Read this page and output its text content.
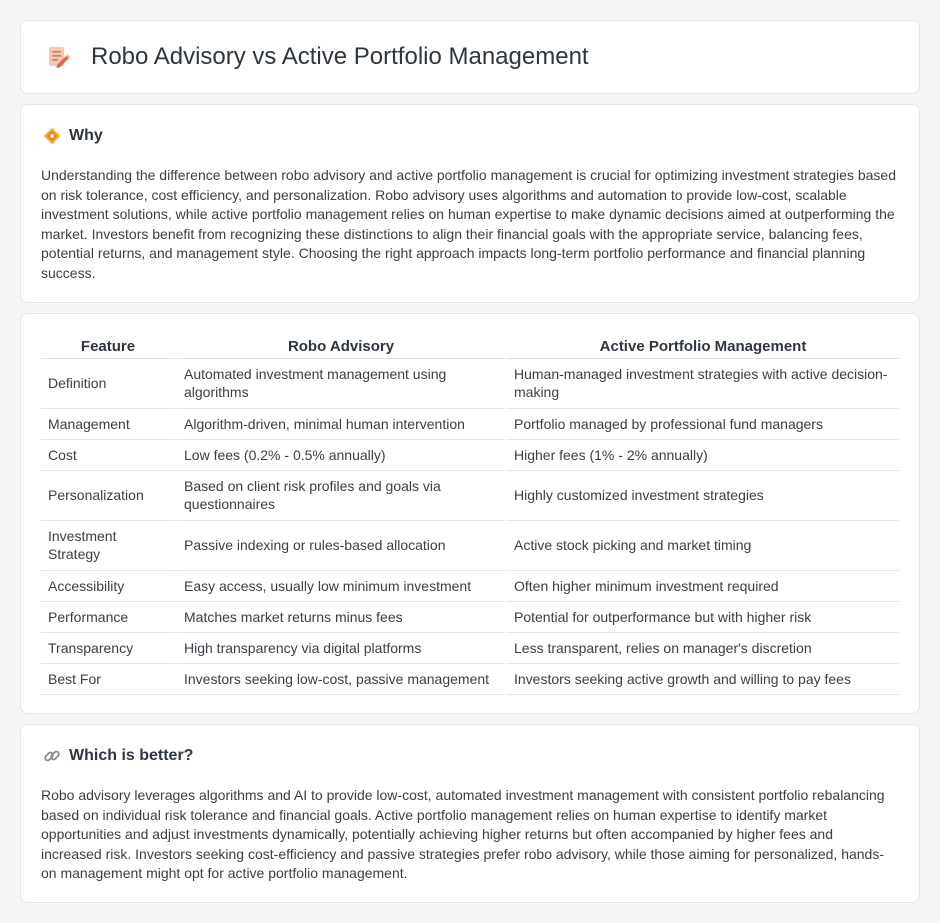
Robo Advisory vs Active Portfolio Management
Why

Understanding the difference between robo advisory and active portfolio management is crucial for optimizing investment strategies based on risk tolerance, cost efficiency, and personalization. Robo advisory uses algorithms and automation to provide low-cost, scalable investment solutions, while active portfolio management relies on human expertise to make dynamic decisions aimed at outperforming the market. Investors benefit from recognizing these distinctions to align their financial goals with the appropriate service, balancing fees, potential returns, and management style. Choosing the right approach impacts long-term portfolio performance and financial planning success.

Feature	Robo Advisory	Active Portfolio Management
Definition	Automated investment management using algorithms	Human-managed investment strategies with active decision-making
Management	Algorithm-driven, minimal human intervention	Portfolio managed by professional fund managers
Cost	Low fees (0.2% - 0.5% annually)	Higher fees (1% - 2% annually)
Personalization	Based on client risk profiles and goals via questionnaires	Highly customized investment strategies
Investment Strategy	Passive indexing or rules-based allocation	Active stock picking and market timing
Accessibility	Easy access, usually low minimum investment	Often higher minimum investment required
Performance	Matches market returns minus fees	Potential for outperformance but with higher risk
Transparency	High transparency via digital platforms	Less transparent, relies on manager's discretion
Best For	Investors seeking low-cost, passive management	Investors seeking active growth and willing to pay fees
Which is better?

Robo advisory leverages algorithms and AI to provide low-cost, automated investment management with consistent portfolio rebalancing based on individual risk tolerance and financial goals. Active portfolio management relies on human expertise to identify market opportunities and adjust investments dynamically, potentially achieving higher returns but often accompanied by higher fees and increased risk. Investors seeking cost-efficiency and passive strategies prefer robo advisory, while those aiming for personalized, hands-on management might opt for active portfolio management.
